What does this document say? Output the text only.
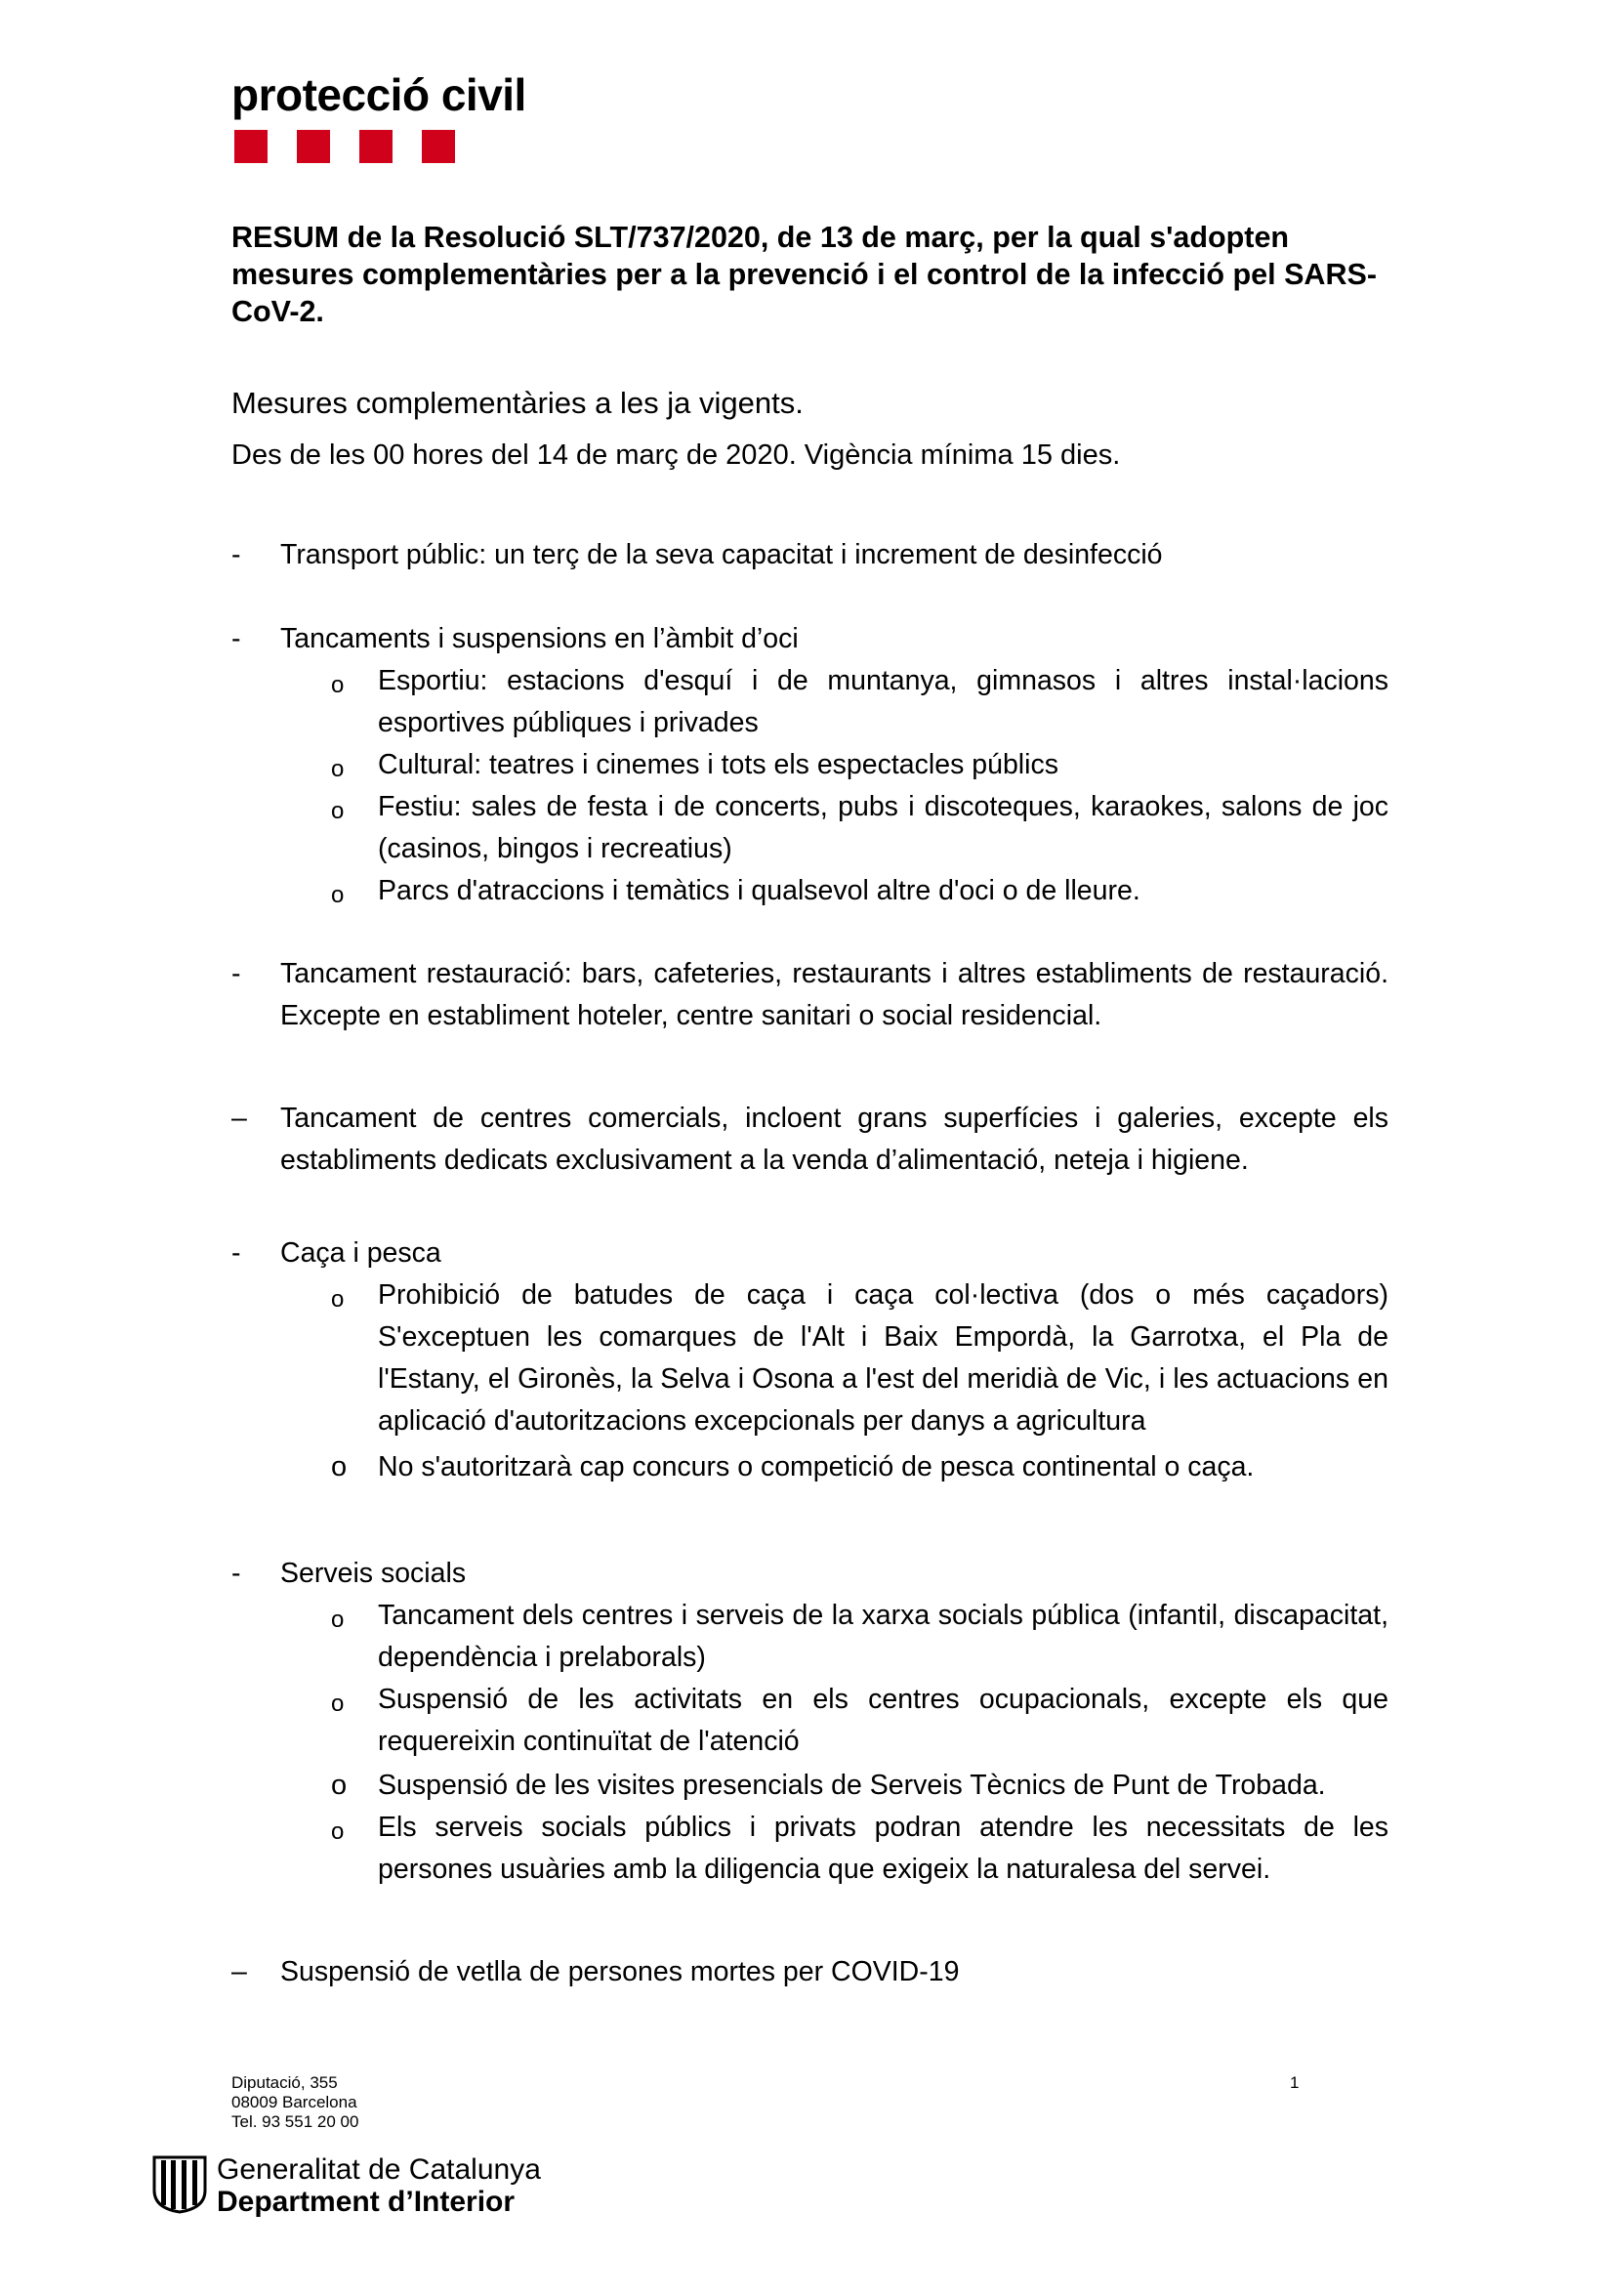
protecció civil
RESUM de la Resolució SLT/737/2020, de 13 de març, per la qual s'adopten mesures complementàries per a la prevenció i el control de la infecció pel SARS-CoV-2.

Mesures complementàries a les ja vigents.

Des de les 00 hores del 14 de març de 2020. Vigència mínima 15 dies.

- Transport públic: un terç de la seva capacitat i increment de desinfecció
- Tancaments i suspensions en l’àmbit d’oci
o Esportiu: estacions d'esquí i de muntanya, gimnasos i altres instal·lacions esportives públiques i privades
o Cultural: teatres i cinemes i tots els espectacles públics
o Festiu: sales de festa i de concerts, pubs i discoteques, karaokes, salons de joc (casinos, bingos i recreatius)
o Parcs d'atraccions i temàtics i qualsevol altre d'oci o de lleure.
- Tancament restauració: bars, cafeteries, restaurants i altres establiments de restauració. Excepte en establiment hoteler, centre sanitari o social residencial.
– Tancament de centres comercials, incloent grans superfícies i galeries, excepte els establiments dedicats exclusivament a la venda d’alimentació, neteja i higiene.
- Caça i pesca
o Prohibició de batudes de caça i caça col·lectiva (dos o més caçadors) S'exceptuen les comarques de l'Alt i Baix Empordà, la Garrotxa, el Pla de l'Estany, el Gironès, la Selva i Osona a l'est del meridià de Vic, i les actuacions en aplicació d'autoritzacions excepcionals per danys a agricultura
o No s'autoritzarà cap concurs o competició de pesca continental o caça.
- Serveis socials
o Tancament dels centres i serveis de la xarxa socials pública (infantil, discapacitat, dependència i prelaborals)
o Suspensió de les activitats en els centres ocupacionals, excepte els que requereixin continuïtat de l'atenció
o Suspensió de les visites presencials de Serveis Tècnics de Punt de Trobada.
o Els serveis socials públics i privats podran atendre les necessitats de les persones usuàries amb la diligencia que exigeix la naturalesa del servei.
– Suspensió de vetlla de persones mortes per COVID-19
Diputació, 355
08009 Barcelona
Tel. 93 551 20 00
1
Generalitat de Catalunya
Department d’Interior
